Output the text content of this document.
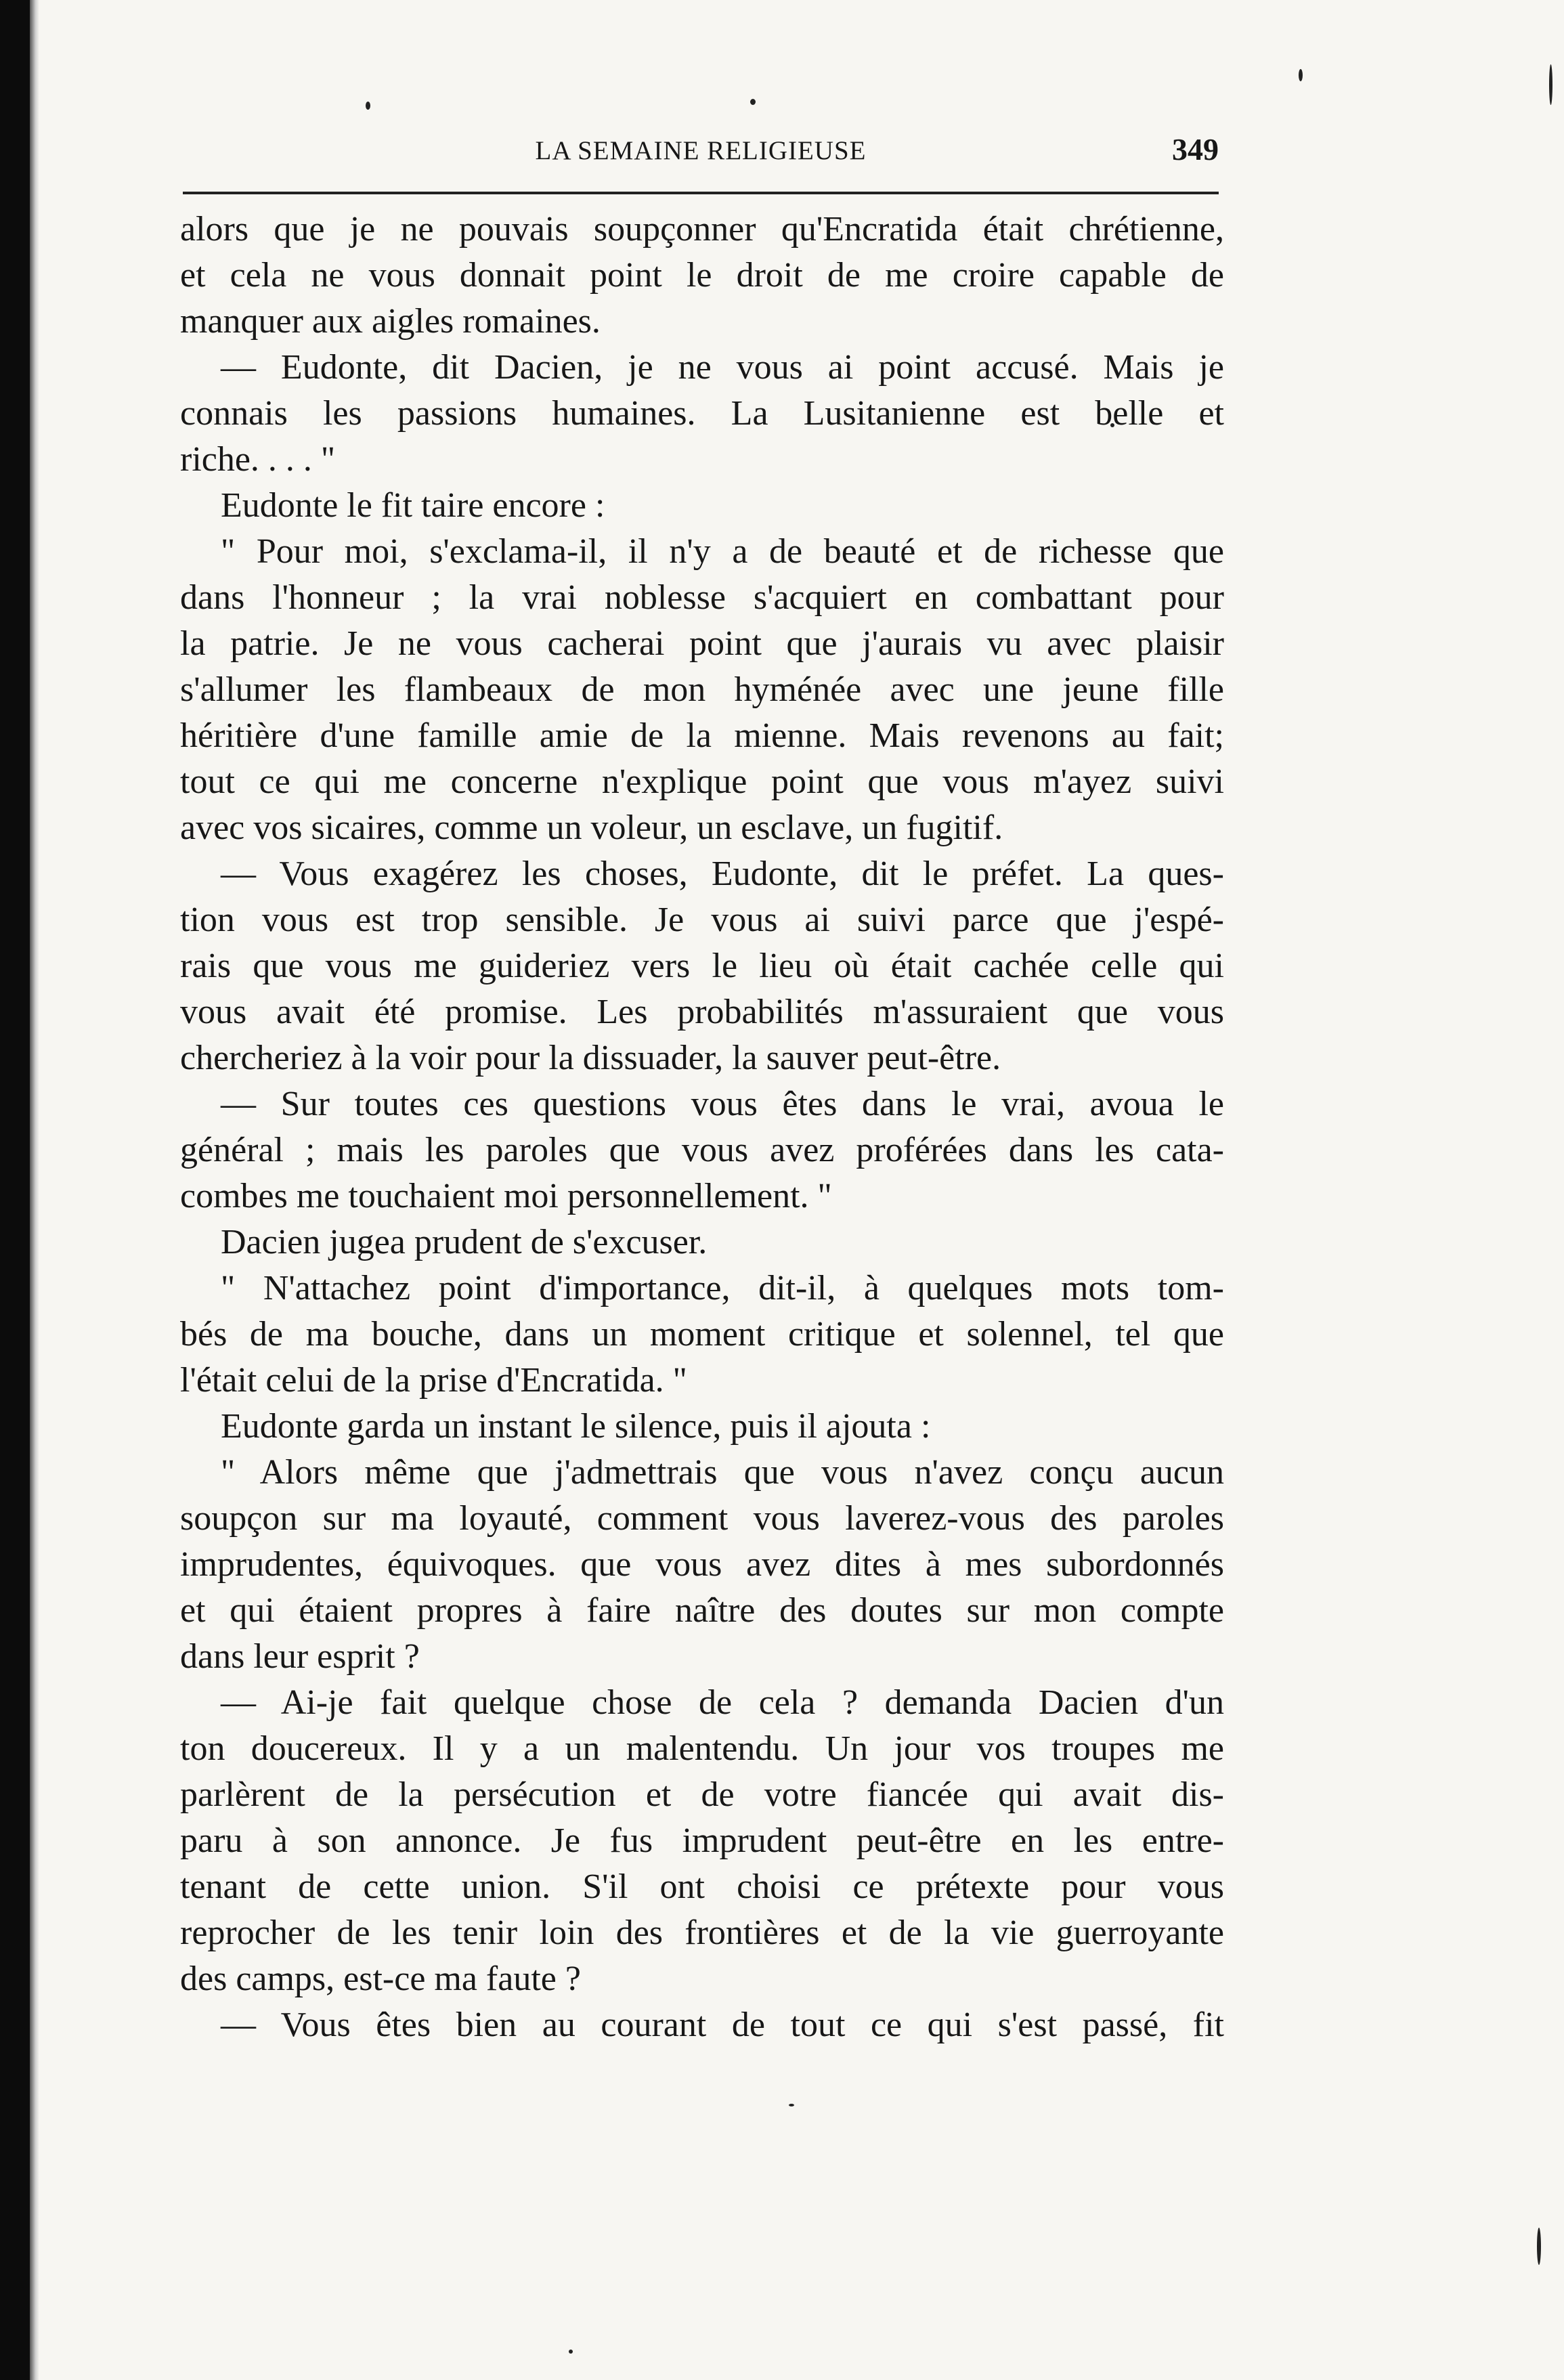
LA SEMAINE RELIGIEUSE	349
alors que je ne pouvais soupçonner qu'Encratida était chrétienne,
et cela ne vous donnait point le droit de me croire capable de
manquer aux aigles romaines.
— Eudonte, dit Dacien, je ne vous ai point accusé. Mais je
connais les passions humaines. La Lusitanienne est belle et
riche. . . . "
Eudonte le fit taire encore :
" Pour moi, s'exclama-il, il n'y a de beauté et de richesse que
dans l'honneur ; la vrai noblesse s'acquiert en combattant pour
la patrie. Je ne vous cacherai point que j'aurais vu avec plaisir
s'allumer les flambeaux de mon hyménée avec une jeune fille
héritière d'une famille amie de la mienne. Mais revenons au fait;
tout ce qui me concerne n'explique point que vous m'ayez suivi
avec vos sicaires, comme un voleur, un esclave, un fugitif.
— Vous exagérez les choses, Eudonte, dit le préfet. La ques-
tion vous est trop sensible. Je vous ai suivi parce que j'espé-
rais que vous me guideriez vers le lieu où était cachée celle qui
vous avait été promise. Les probabilités m'assuraient que vous
chercheriez à la voir pour la dissuader, la sauver peut-être.
— Sur toutes ces questions vous êtes dans le vrai, avoua le
général ; mais les paroles que vous avez proférées dans les cata-
combes me touchaient moi personnellement. "
Dacien jugea prudent de s'excuser.
" N'attachez point d'importance, dit-il, à quelques mots tom-
bés de ma bouche, dans un moment critique et solennel, tel que
l'était celui de la prise d'Encratida. "
Eudonte garda un instant le silence, puis il ajouta :
" Alors même que j'admettrais que vous n'avez conçu aucun
soupçon sur ma loyauté, comment vous laverez-vous des paroles
imprudentes, équivoques. que vous avez dites à mes subordonnés
et qui étaient propres à faire naître des doutes sur mon compte
dans leur esprit ?
— Ai-je fait quelque chose de cela ? demanda Dacien d'un
ton doucereux. Il y a un malentendu. Un jour vos troupes me
parlèrent de la persécution et de votre fiancée qui avait dis-
paru à son annonce. Je fus imprudent peut-être en les entre-
tenant de cette union. S'il ont choisi ce prétexte pour vous
reprocher de les tenir loin des frontières et de la vie guerroyante
des camps, est-ce ma faute ?
— Vous êtes bien au courant de tout ce qui s'est passé, fit
